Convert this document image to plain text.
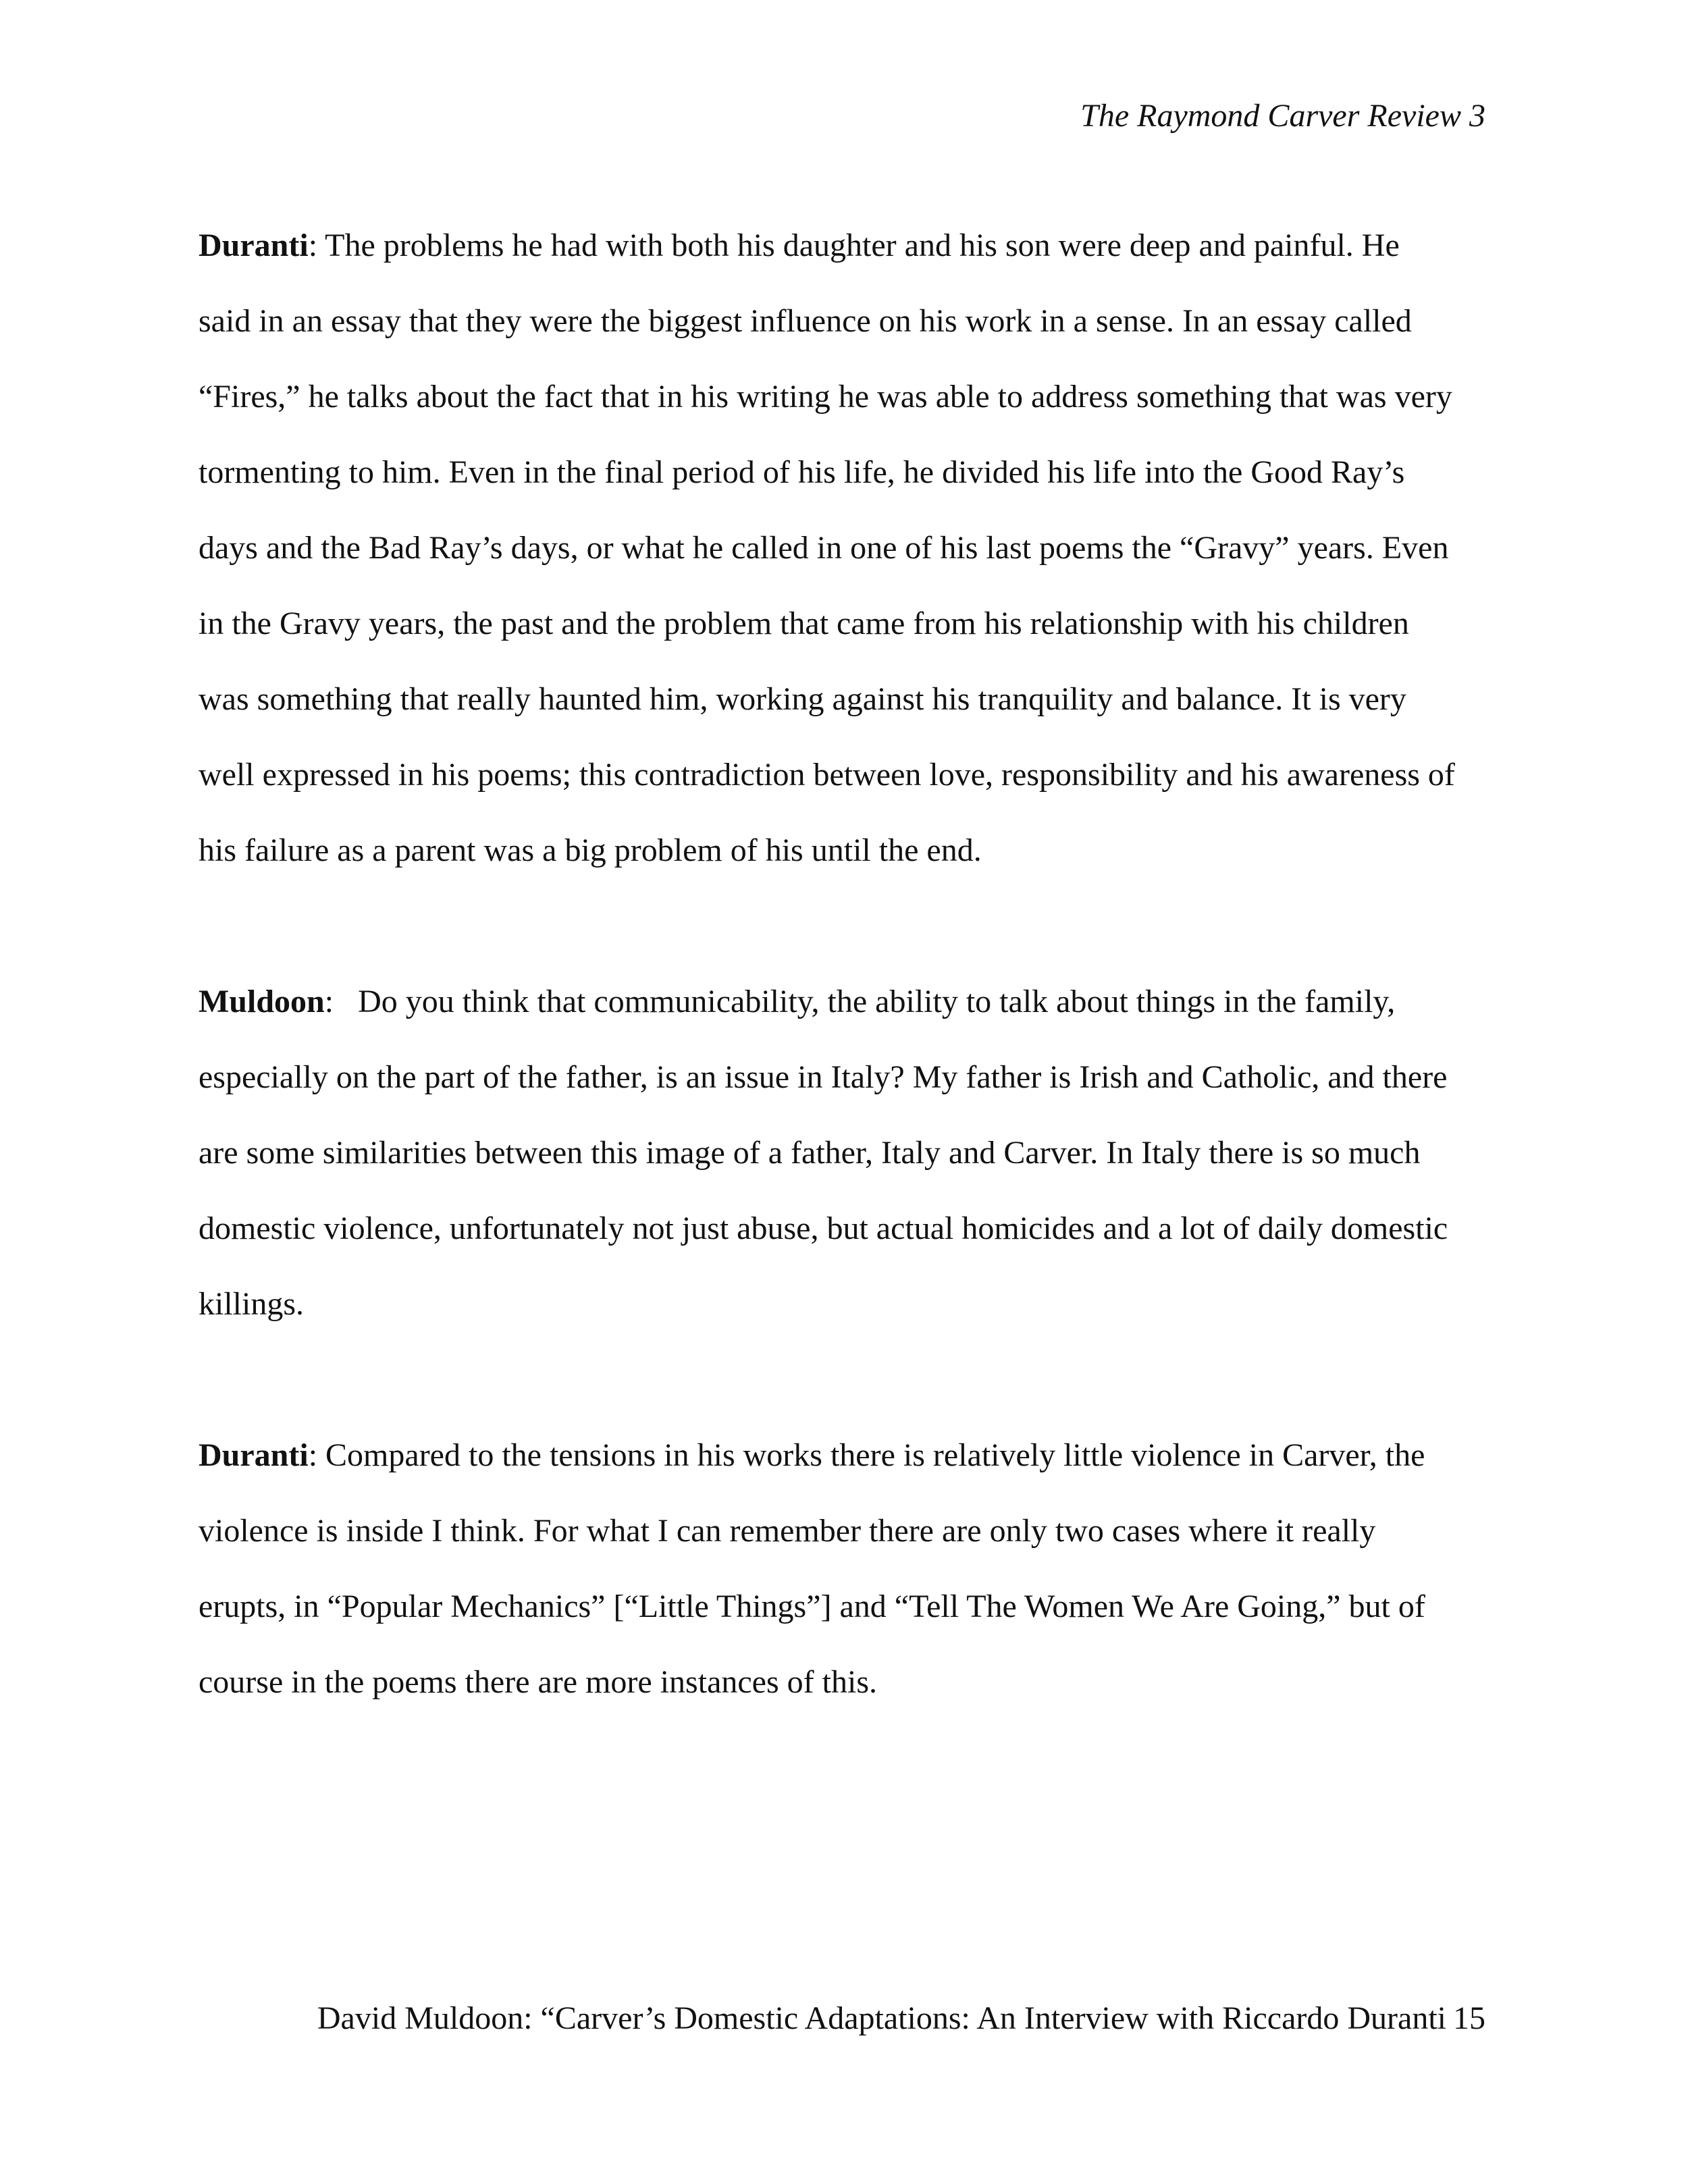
The Raymond Carver Review 3

Duranti: The problems he had with both his daughter and his son were deep and painful. He
said in an essay that they were the biggest influence on his work in a sense. In an essay called
“Fires,” he talks about the fact that in his writing he was able to address something that was very
tormenting to him. Even in the final period of his life, he divided his life into the Good Ray’s
days and the Bad Ray’s days, or what he called in one of his last poems the “Gravy” years. Even
in the Gravy years, the past and the problem that came from his relationship with his children
was something that really haunted him, working against his tranquility and balance. It is very
well expressed in his poems; this contradiction between love, responsibility and his awareness of
his failure as a parent was a big problem of his until the end.

Muldoon:   Do you think that communicability, the ability to talk about things in the family,
especially on the part of the father, is an issue in Italy? My father is Irish and Catholic, and there
are some similarities between this image of a father, Italy and Carver. In Italy there is so much
domestic violence, unfortunately not just abuse, but actual homicides and a lot of daily domestic
killings.

Duranti: Compared to the tensions in his works there is relatively little violence in Carver, the
violence is inside I think. For what I can remember there are only two cases where it really
erupts, in “Popular Mechanics” [“Little Things”] and “Tell The Women We Are Going,” but of
course in the poems there are more instances of this.

David Muldoon: “Carver’s Domestic Adaptations: An Interview with Riccardo Duranti 15
